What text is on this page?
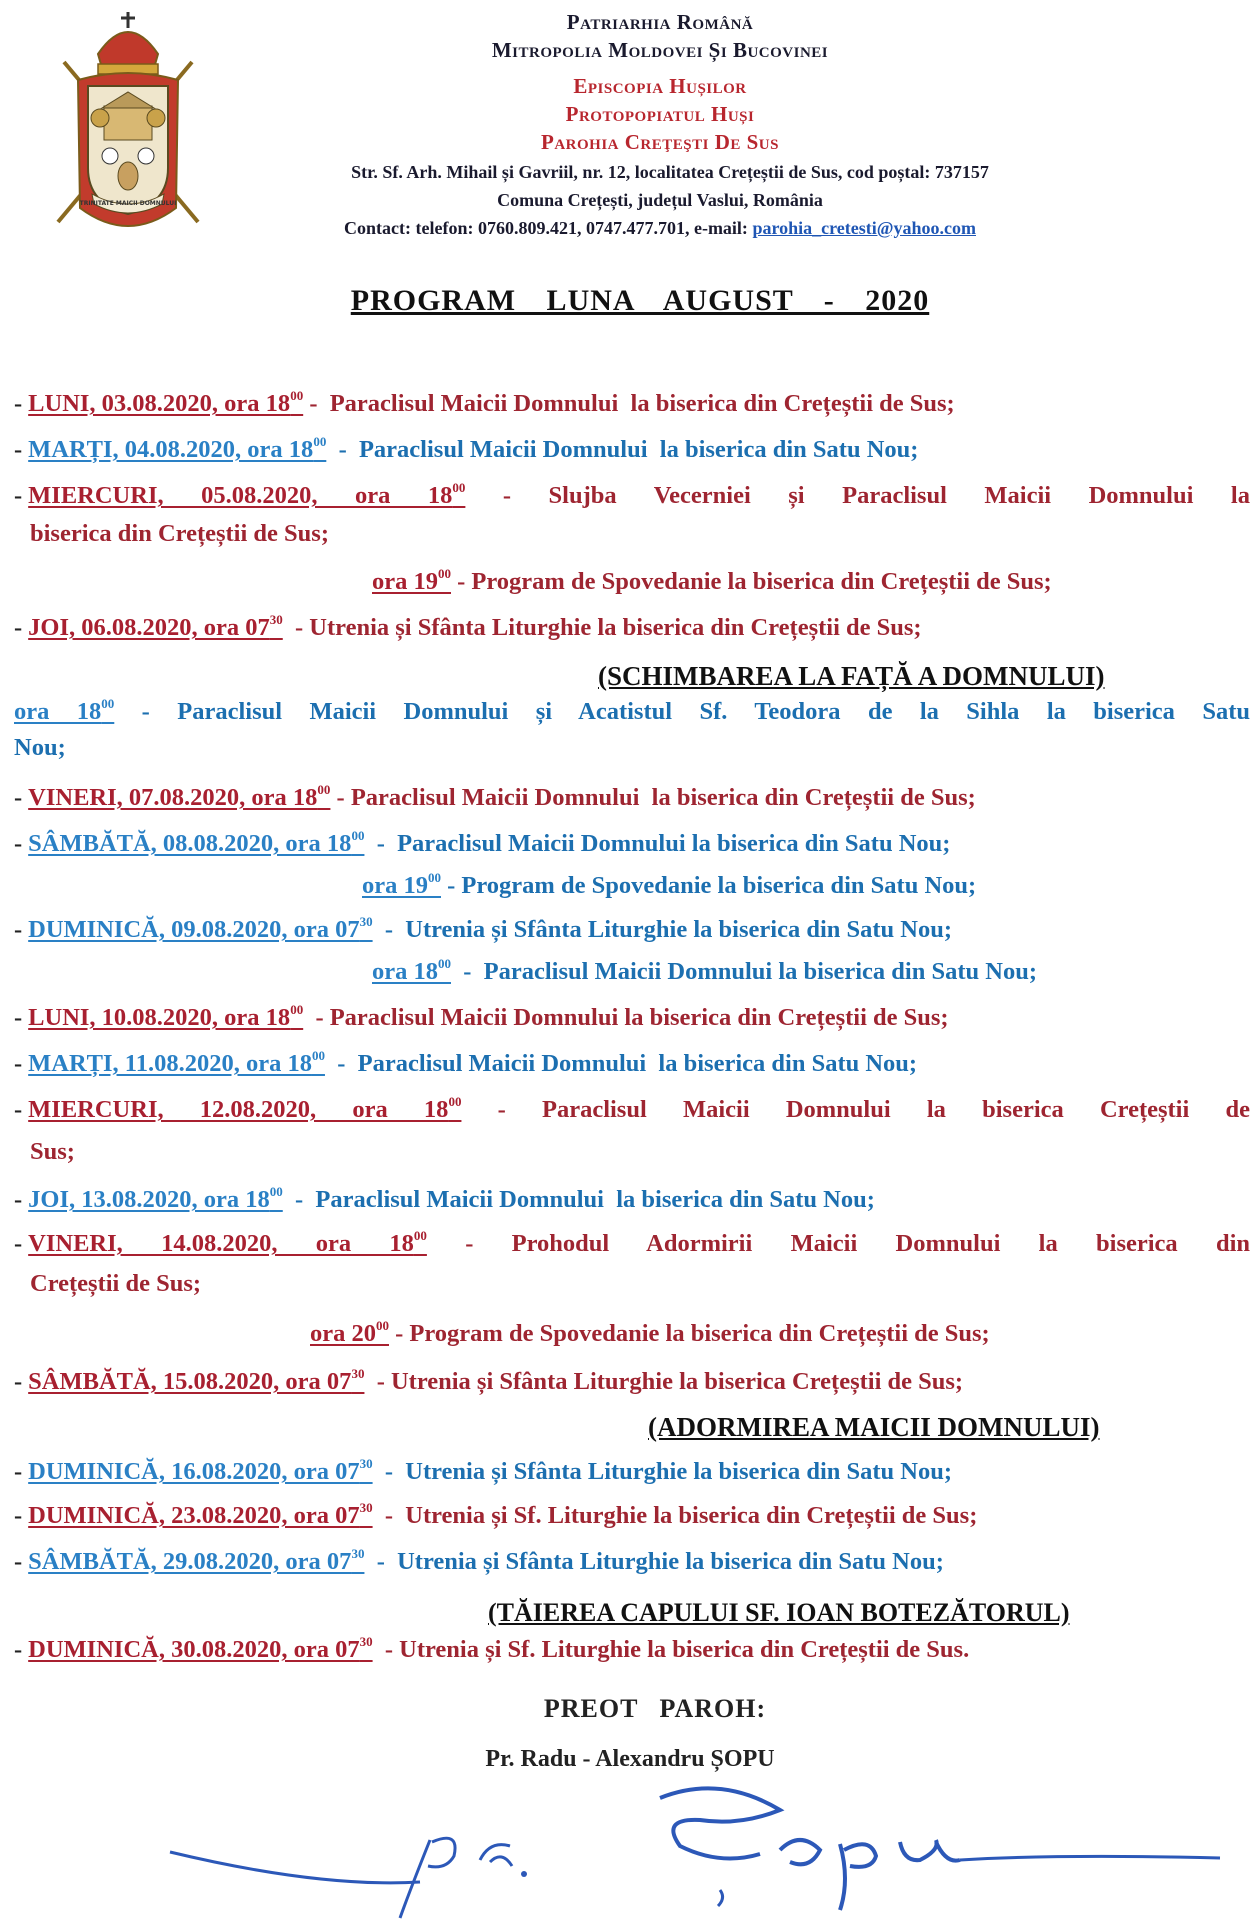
TRINITATE MAICII DOMNULUI
Patriarhia Română
Mitropolia Moldovei Și Bucovinei
Episcopia Hușilor
Protopopiatul Huși
Parohia Creţeşti De Sus
Str. Sf. Arh. Mihail și Gavriil, nr. 12, localitatea Crețeștii de Sus, cod poștal: 737157
Comuna Crețești, județul Vaslui, România
Contact: telefon: 0760.809.421, 0747.477.701, e-mail: parohia_cretesti@yahoo.com
PROGRAM LUNA AUGUST - 2020
- LUNI, 03.08.2020, ora $18^{00}$ -  Paraclisul Maicii Domnului  la biserica din Crețeștii de Sus;
- MARȚI, 04.08.2020, ora $18^{00}$  -  Paraclisul Maicii Domnului  la biserica din Satu Nou;
- MIERCURI, 05.08.2020, ora $18^{00}$ - Slujba Vecerniei și Paraclisul Maicii Domnului la
biserica din Crețeștii de Sus;
ora $19^{00}$ - Program de Spovedanie la biserica din Crețeștii de Sus;
- JOI, 06.08.2020, ora $07^{30}$  - Utrenia și Sfânta Liturghie la biserica din Crețeștii de Sus;
ora $18^{00}$ - Paraclisul Maicii Domnului și Acatistul Sf. Teodora de la Sihla la biserica Satu
Nou;
- VINERI, 07.08.2020, ora $18^{00}$ - Paraclisul Maicii Domnului  la biserica din Crețeștii de Sus;
- SÂMBĂTĂ, 08.08.2020, ora $18^{00}$  -  Paraclisul Maicii Domnului la biserica din Satu Nou;
ora $19^{00}$ - Program de Spovedanie la biserica din Satu Nou;
- DUMINICĂ, 09.08.2020, ora $07^{30}$  -  Utrenia și Sfânta Liturghie la biserica din Satu Nou;
ora $18^{00}$  -  Paraclisul Maicii Domnului la biserica din Satu Nou;
- LUNI, 10.08.2020, ora $18^{00}$  - Paraclisul Maicii Domnului la biserica din Crețeștii de Sus;
- MARȚI, 11.08.2020, ora $18^{00}$  -  Paraclisul Maicii Domnului  la biserica din Satu Nou;
- MIERCURI, 12.08.2020, ora $18^{00}$ - Paraclisul Maicii Domnului la biserica Crețeștii de
Sus;
- JOI, 13.08.2020, ora $18^{00}$  -  Paraclisul Maicii Domnului  la biserica din Satu Nou;
- VINERI, 14.08.2020, ora $18^{00}$ - Prohodul Adormirii Maicii Domnului la biserica din
Crețeștii de Sus;
ora $20^{00}$ - Program de Spovedanie la biserica din Crețeștii de Sus;
- SÂMBĂTĂ, 15.08.2020, ora $07^{30}$  - Utrenia și Sfânta Liturghie la biserica Crețeștii de Sus;
- DUMINICĂ, 16.08.2020, ora $07^{30}$  -  Utrenia și Sfânta Liturghie la biserica din Satu Nou;
- DUMINICĂ, 23.08.2020, ora $07^{30}$  -  Utrenia și Sf. Liturghie la biserica din Crețeștii de Sus;
- SÂMBĂTĂ, 29.08.2020, ora $07^{30}$  -  Utrenia și Sfânta Liturghie la biserica din Satu Nou;
- DUMINICĂ, 30.08.2020, ora $07^{30}$  - Utrenia și Sf. Liturghie la biserica din Crețeștii de Sus.
(SCHIMBAREA LA FAȚĂ A DOMNULUI)
(ADORMIREA MAICII DOMNULUI)
(TĂIEREA CAPULUI SF. IOAN BOTEZĂTORUL)
PREOT PAROH:
Pr. Radu - Alexandru ȘOPU
